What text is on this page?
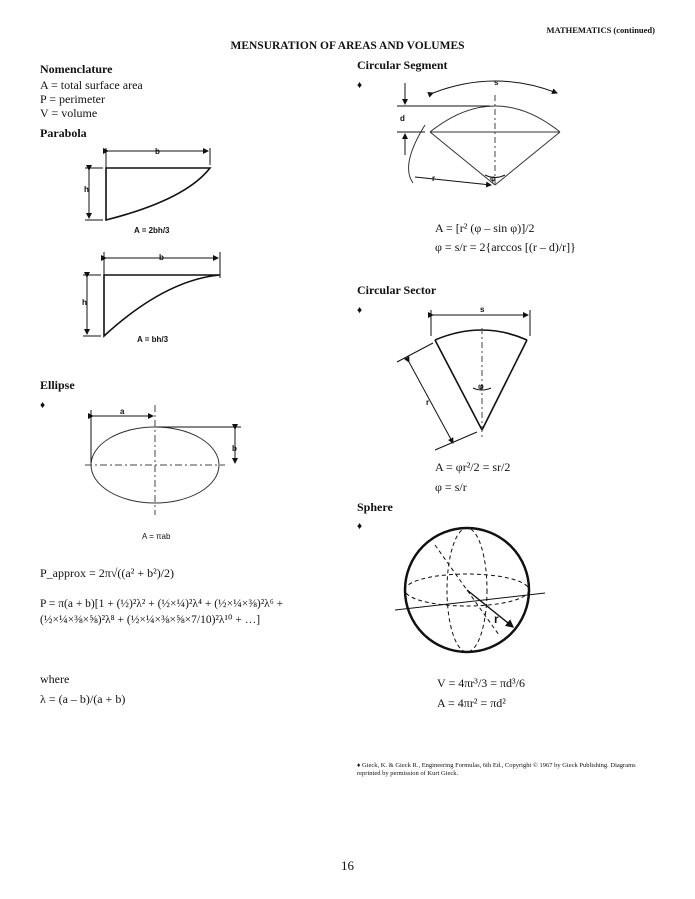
MATHEMATICS (continued)
MENSURATION OF AREAS AND VOLUMES
Nomenclature
A = total surface area
P = perimeter
V = volume
Parabola
b
h
A = 2bh/3
b
h
A = bh/3
Ellipse
♦
a
b
A = πab
P_approx = 2π√((a² + b²)/2)
P = π(a + b)[1 + (½)²λ² + (½×¼)²λ⁴ + (½×¼×⅜)²λ⁶ + (½×¼×⅜×⅝)²λ⁸ + (½×¼×⅜×⅝×7/10)²λ¹⁰ + …]
where
λ = (a – b)/(a + b)
Circular Segment
♦	s
d
r	φ
A = [r² (φ – sin φ)]/2
φ = s/r = 2{arccos [(r – d)/r]}
Circular Sector
♦	s
r
φ
A = φr²/2 = sr/2
φ = s/r
Sphere
♦
r
V = 4πr³/3 = πd³/6
A = 4πr² = πd²
♦ Gieck, K. & Gieck R., Engineering Formulas, 6th Ed., Copyright © 1967 by Gieck Publishing. Diagrams
reprinted by permission of Kurt Gieck.
16
